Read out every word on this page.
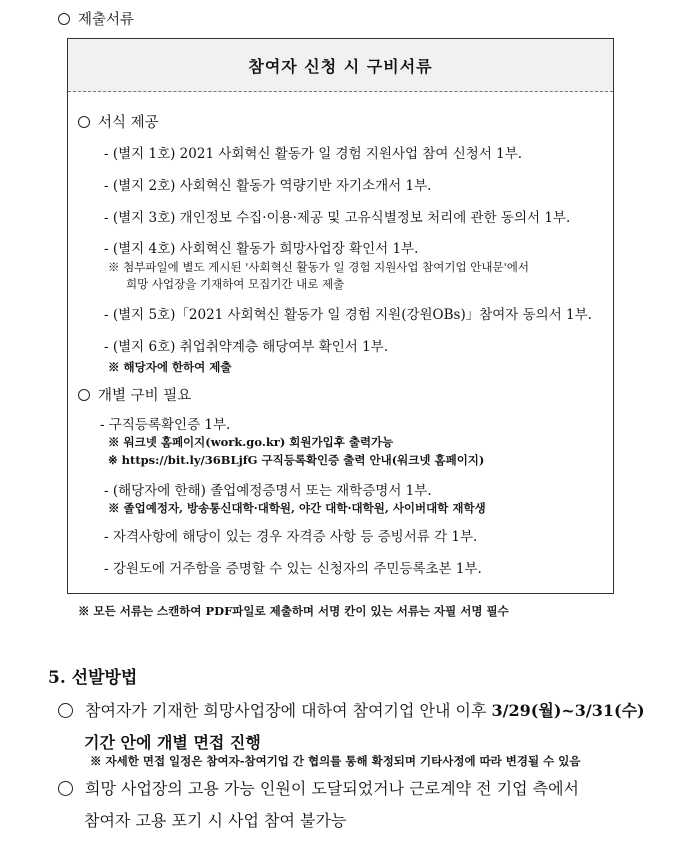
제출서류
참여자 신청 시 구비서류
서식 제공
- (별지 1호) 2021 사회혁신 활동가 일 경험 지원사업 참여 신청서 1부.
- (별지 2호) 사회혁신 활동가 역량기반 자기소개서 1부.
- (별지 3호) 개인정보 수집·이용·제공 및 고유식별정보 처리에 관한 동의서 1부.
- (별지 4호) 사회혁신 활동가 희망사업장 확인서 1부.
※ 첨부파일에 별도 게시된 '사회혁신 활동가 일 경험 지원사업 참여기업 안내문'에서
희망 사업장을 기재하여 모집기간 내로 제출
- (별지 5호)「2021 사회혁신 활동가 일 경험 지원(강원OBs)」참여자 동의서 1부.
- (별지 6호) 취업취약계층 해당여부 확인서 1부.
※ 해당자에 한하여 제출
개별 구비 필요
- 구직등록확인증 1부.
※ 워크넷 홈페이지(work.go.kr) 회원가입후 출력가능
※ https://bit.ly/36BLjfG 구직등록확인증 출력 안내(워크넷 홈페이지)
- (해당자에 한해) 졸업예정증명서 또는 재학증명서 1부.
※ 졸업예정자, 방송통신대학·대학원, 야간 대학·대학원, 사이버대학 재학생
- 자격사항에 해당이 있는 경우 자격증 사항 등 증빙서류 각 1부.
- 강원도에 거주함을 증명할 수 있는 신청자의 주민등록초본 1부.
※ 모든 서류는 스캔하여 PDF파일로 제출하며 서명 칸이 있는 서류는 자필 서명 필수
5. 선발방법
참여자가 기재한 희망사업장에 대하여 참여기업 안내 이후 3/29(월)~3/31(수)
기간 안에 개별 면접 진행
※ 자세한 면접 일정은 참여자-참여기업 간 협의를 통해 확정되며 기타사정에 따라 변경될 수 있음
희망 사업장의 고용 가능 인원이 도달되었거나 근로계약 전 기업 측에서
참여자 고용 포기 시 사업 참여 불가능
